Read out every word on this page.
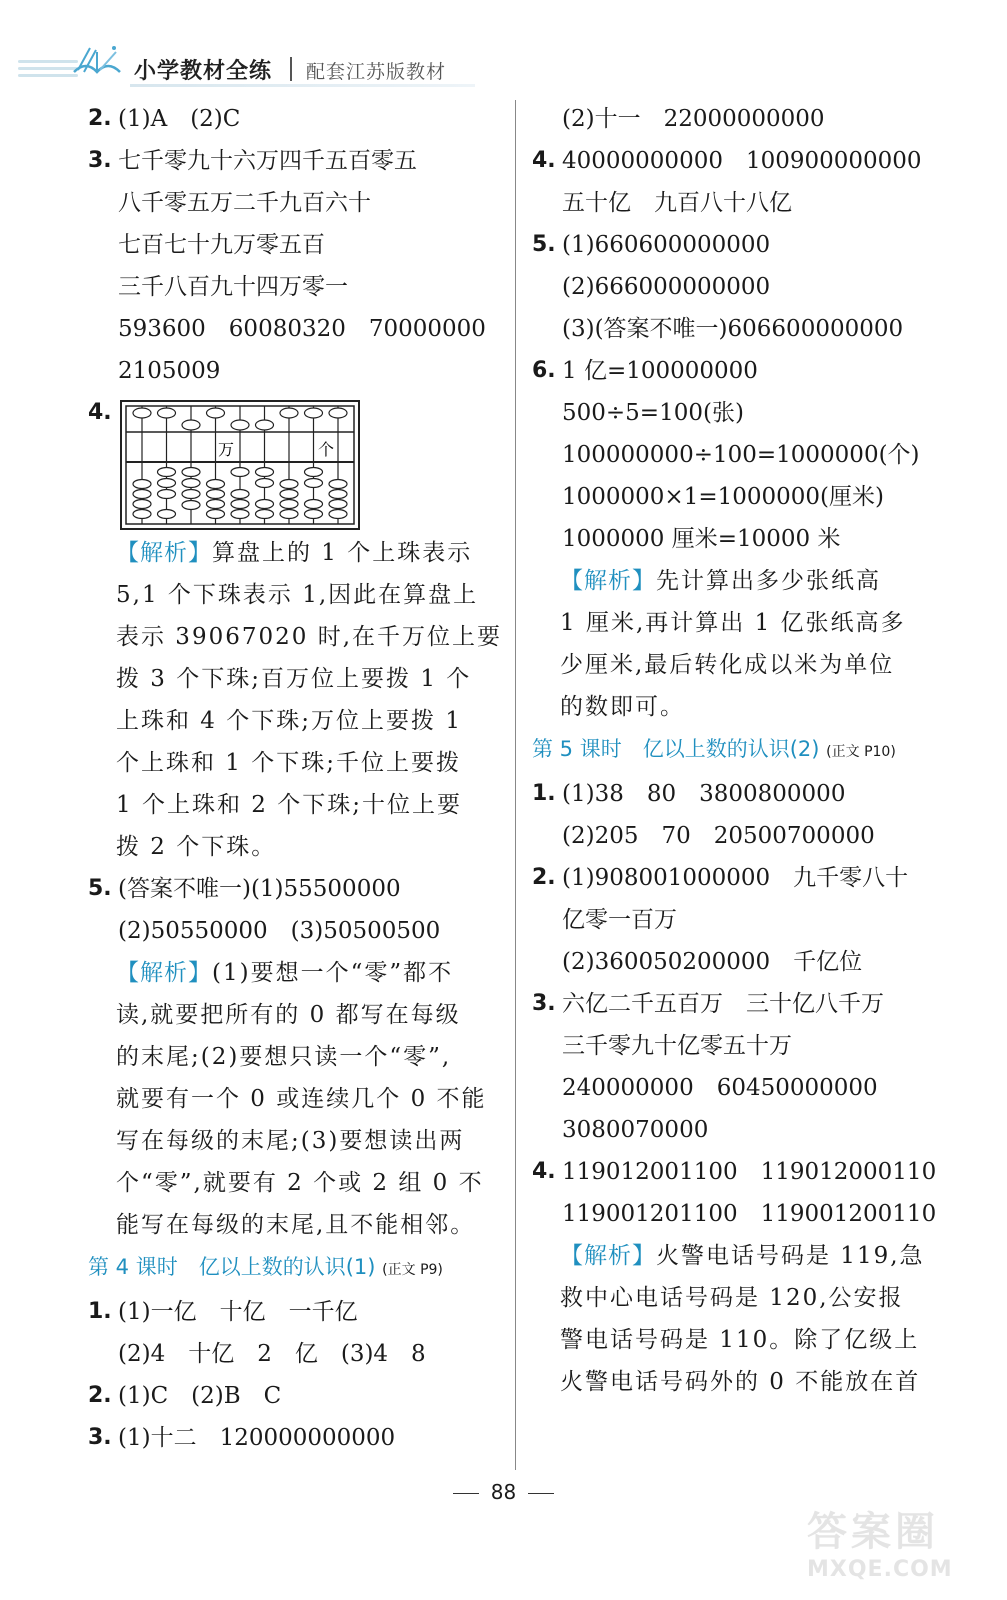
小学教材全练 配套江苏版教材
2. (1)A　(2)C
3. 七千零九十六万四千五百零五
八千零五万二千九百六十
七百七十九万零五百
三千八百九十四万零一
593600　60080320　70000000
2105009
4.
万	个
【解析】算盘上的 1 个上珠表示
5,1 个下珠表示 1,因此在算盘上
表示 39067020 时,在千万位上要
拨 3 个下珠;百万位上要拨 1 个
上珠和 4 个下珠;万位上要拨 1
个上珠和 1 个下珠;千位上要拨
1 个上珠和 2 个下珠;十位上要
拨 2 个下珠。
5. (答案不唯一)(1)55500000
(2)50550000　(3)50500500
【解析】(1)要想一个“零”都不
读,就要把所有的 0 都写在每级
的末尾;(2)要想只读一个“零”,
就要有一个 0 或连续几个 0 不能
写在每级的末尾;(3)要想读出两
个“零”,就要有 2 个或 2 组 0 不
能写在每级的末尾,且不能相邻。
第 4 课时　亿以上数的认识(1) (正文 P9)
1. (1)一亿　十亿　一千亿
(2)4　十亿　2　亿　(3)4　8
2. (1)C　(2)B　C
3. (1)十二　120000000000
(2)十一　22000000000
4. 40000000000　100900000000
五十亿　九百八十八亿
5. (1)660600000000
(2)666000000000
(3)(答案不唯一)606600000000
6. 1 亿=100000000
500÷5=100(张)
100000000÷100=1000000(个)
1000000×1=1000000(厘米)
1000000 厘米=10000 米
【解析】先计算出多少张纸高
1 厘米,再计算出 1 亿张纸高多
少厘米,最后转化成以米为单位
的数即可。
第 5 课时　亿以上数的认识(2) (正文 P10)
1. (1)38　80　3800800000
(2)205　70　20500700000
2. (1)908001000000　九千零八十
亿零一百万
(2)360050200000　千亿位
3. 六亿二千五百万　三十亿八千万
三千零九十亿零五十万
240000000　60450000000
3080070000
4. 119012001100　119012000110
119001201100　119001200110
【解析】火警电话号码是 119,急
救中心电话号码是 120,公安报
警电话号码是 110。除了亿级上
火警电话号码外的 0 不能放在首
88
答案圈
MXQE.COM
